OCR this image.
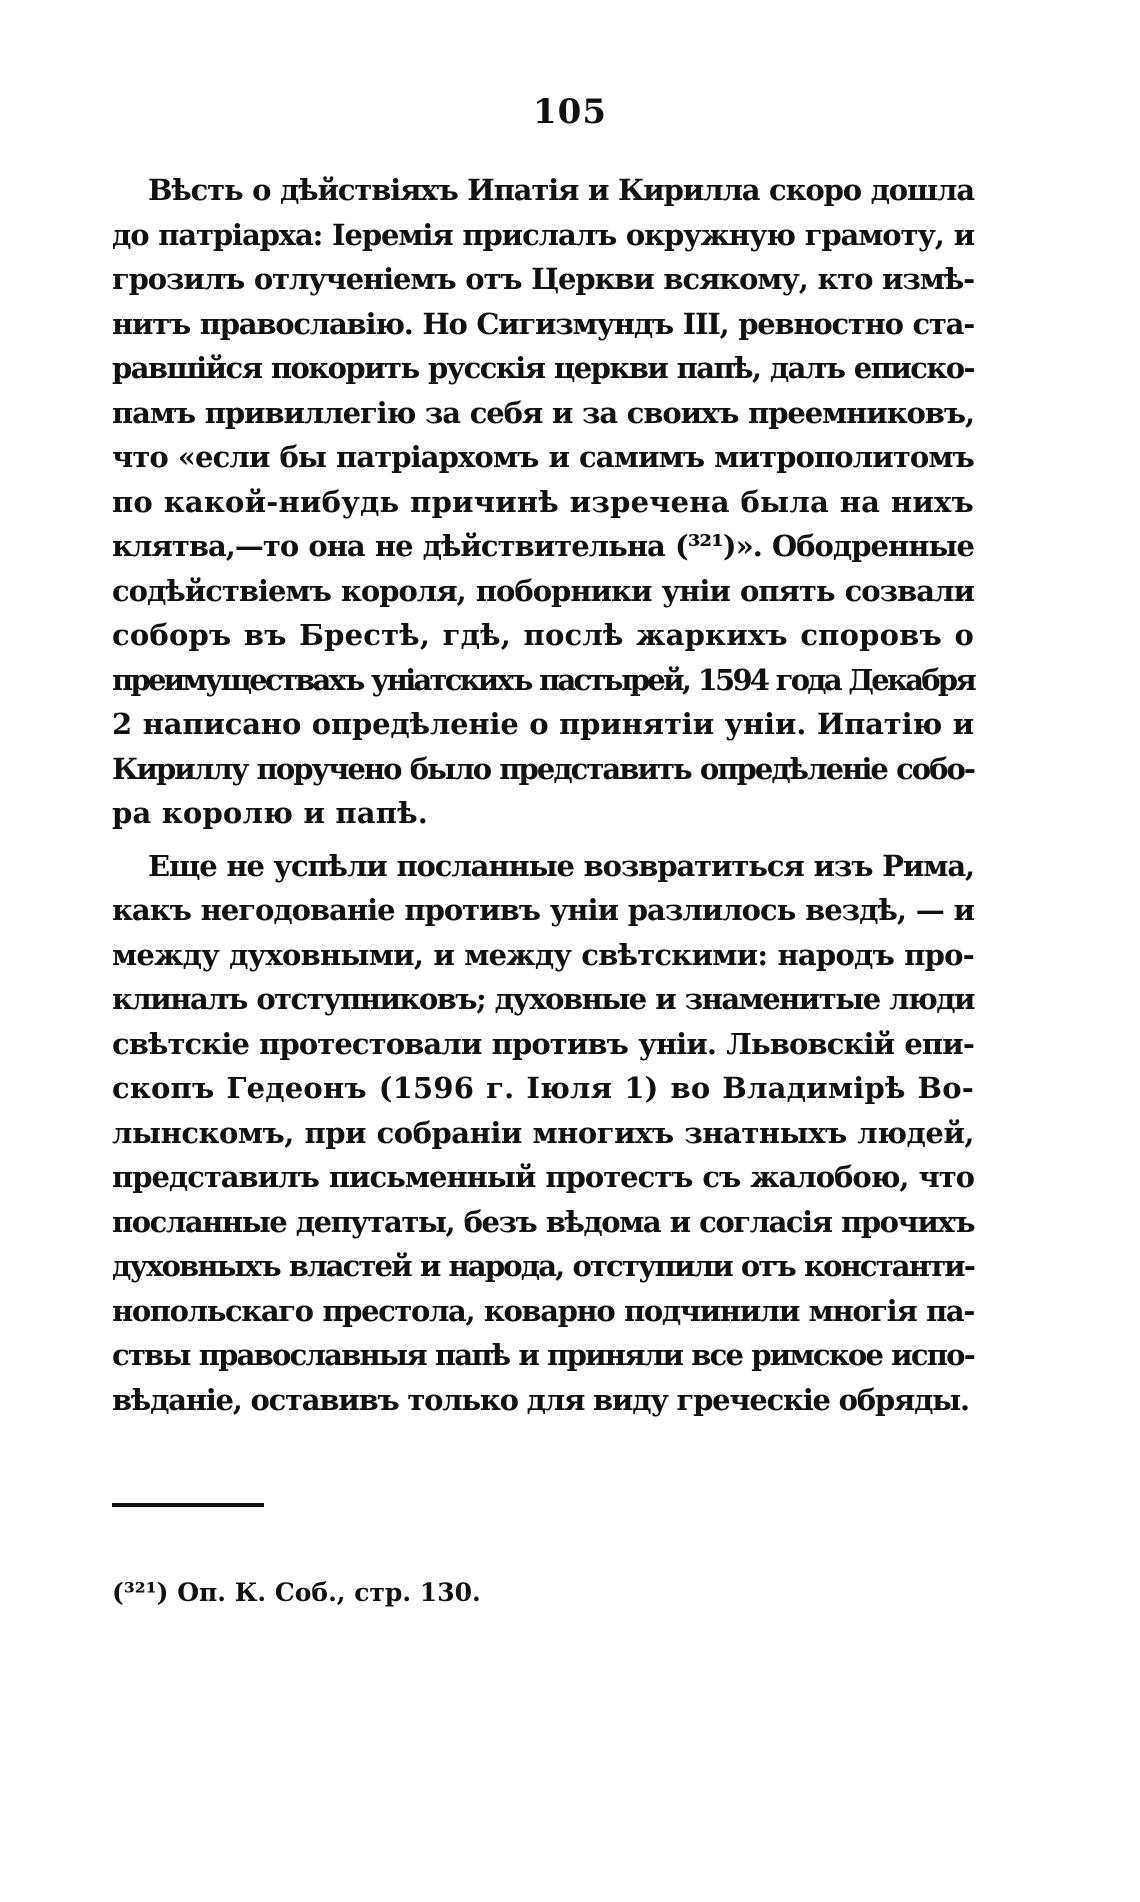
105
Вѣсть о дѣйствіяхъ Ипатія и Кирилла скоро дошла
до патріарха: Іеремія прислалъ окружную грамоту, и
грозилъ отлученіемъ отъ Церкви всякому, кто измѣ-
нитъ православію. Но Сигизмундъ III, ревностно ста-
равшійся покорить русскія церкви папѣ, далъ еписко-
памъ привиллегію за себя и за своихъ преемниковъ,
что «если бы патріархомъ и самимъ митрополитомъ
по какой-нибудь причинѣ изречена была на нихъ
клятва,—то она не дѣйствительна (³²¹)». Ободренные
содѣйствіемъ короля, поборники уніи опять созвали
соборъ въ Брестѣ, гдѣ, послѣ жаркихъ споровъ о
преимуществахъ уніатскихъ пастырей, 1594 года Декабря
2 написано опредѣленіе о принятіи уніи. Ипатію и
Кириллу поручено было представить опредѣленіе собо-
ра королю и папѣ.
Еще не успѣли посланные возвратиться изъ Рима,
какъ негодованіе противъ уніи разлилось вездѣ, — и
между духовными, и между свѣтскими: народъ про-
клиналъ отступниковъ; духовные и знаменитые люди
свѣтскіе протестовали противъ уніи. Львовскій епи-
скопъ Гедеонъ (1596 г. Іюля 1) во Владимірѣ Во-
лынскомъ, при собраніи многихъ знатныхъ людей,
представилъ письменный протестъ съ жалобою, что
посланные депутаты, безъ вѣдома и согласія прочихъ
духовныхъ властей и народа, отступили отъ константи-
нопольскаго престола, коварно подчинили многія па-
ствы православныя папѣ и приняли все римское испо-
вѣданіе, оставивъ только для виду греческіе обряды.
(³²¹) Оп. К. Соб., стр. 130.
